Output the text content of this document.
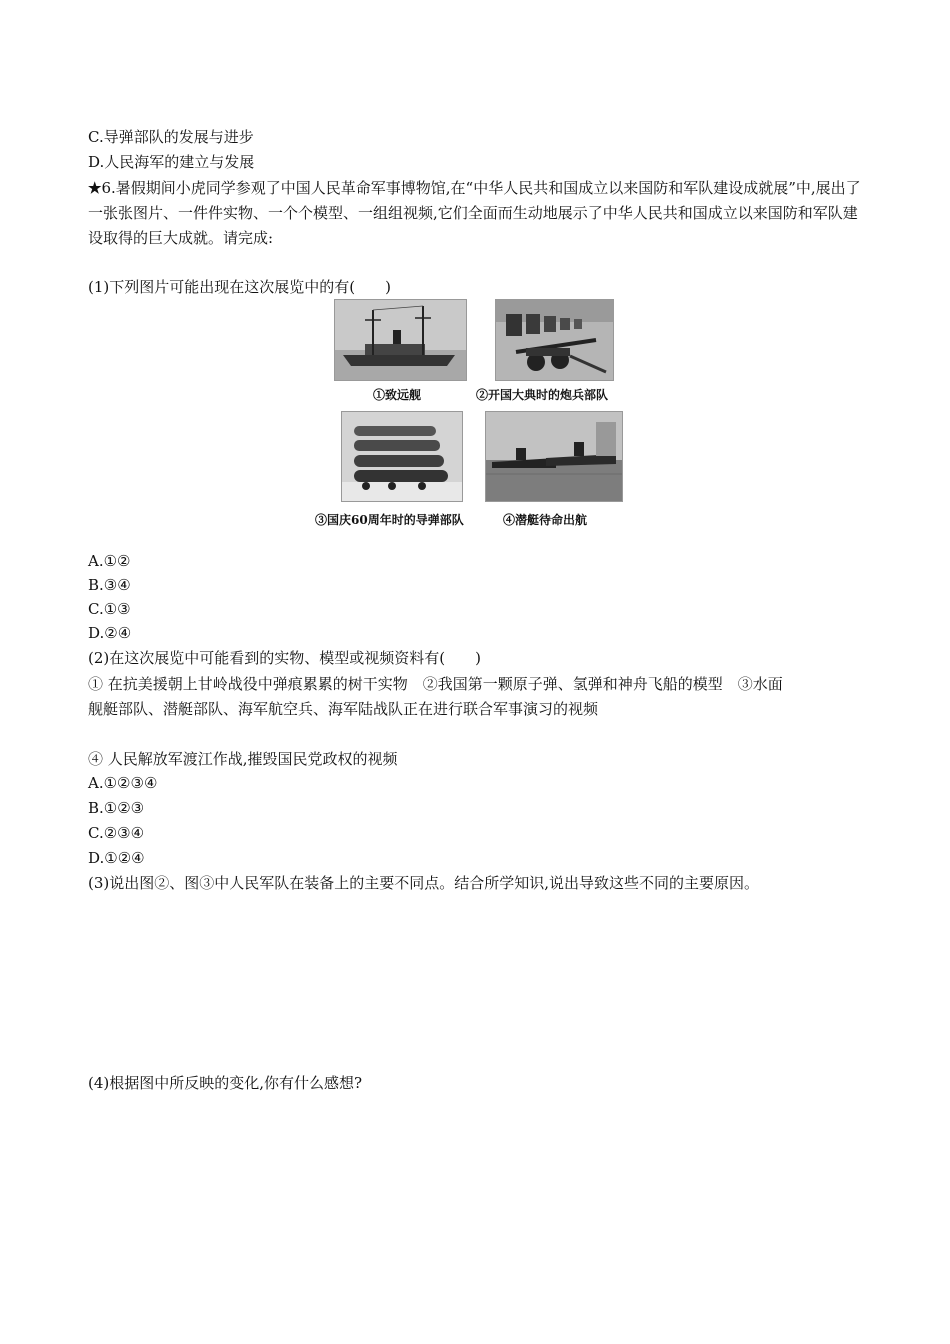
C.导弹部队的发展与进步
D.人民海军的建立与发展
★6.暑假期间小虎同学参观了中国人民革命军事博物馆,在“中华人民共和国成立以来国防和军队建设成就展”中,展出了一张张图片、一件件实物、一个个模型、一组组视频,它们全面而生动地展示了中华人民共和国成立以来国防和军队建设取得的巨大成就。请完成:
(1)下列图片可能出现在这次展览中的有(　　)
①致远舰	②开国大典时的炮兵部队
③国庆60周年时的导弹部队	④潜艇待命出航
A.①②
B.③④
C.①③
D.②④
(2)在这次展览中可能看到的实物、模型或视频资料有(　　)
① 在抗美援朝上甘岭战役中弹痕累累的树干实物　②我国第一颗原子弹、氢弹和神舟飞船的模型　③水面
舰艇部队、潜艇部队、海军航空兵、海军陆战队正在进行联合军事演习的视频
④ 人民解放军渡江作战,摧毁国民党政权的视频
A.①②③④
B.①②③
C.②③④
D.①②④
(3)说出图②、图③中人民军队在装备上的主要不同点。结合所学知识,说出导致这些不同的主要原因。
(4)根据图中所反映的变化,你有什么感想?
